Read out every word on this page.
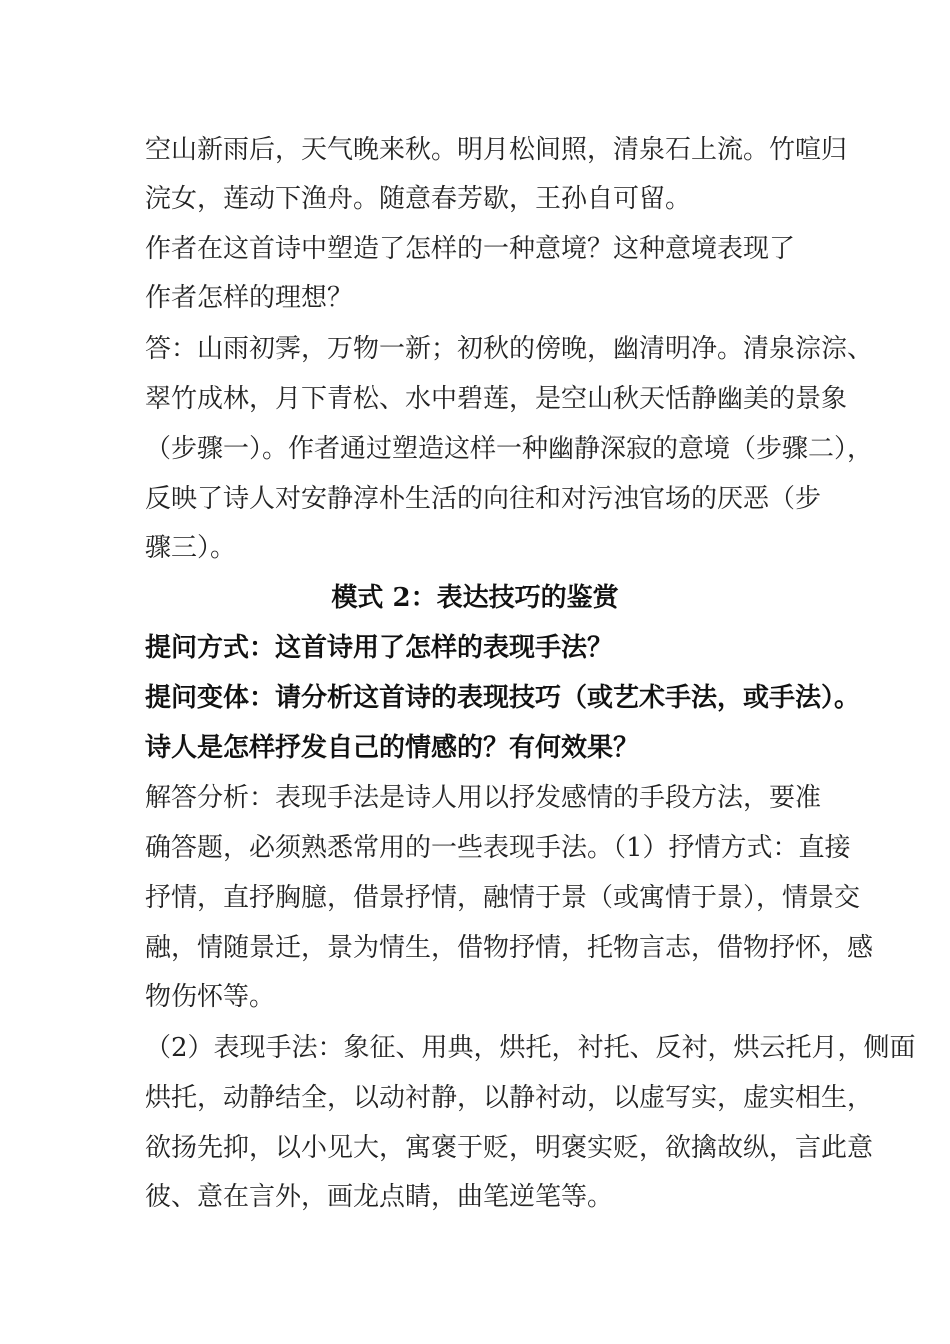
空山新雨后，天气晚来秋。明月松间照，清泉石上流。竹喧归
浣女，莲动下渔舟。随意春芳歇，王孙自可留。
作者在这首诗中塑造了怎样的一种意境？这种意境表现了
作者怎样的理想？
答：山雨初霁，万物一新；初秋的傍晚，幽清明净。清泉淙淙、
翠竹成林，月下青松、水中碧莲，是空山秋天恬静幽美的景象
（步骤一）。作者通过塑造这样一种幽静深寂的意境（步骤二），
反映了诗人对安静淳朴生活的向往和对污浊官场的厌恶（步
骤三）。
模式 2：表达技巧的鉴赏
提问方式：这首诗用了怎样的表现手法？
提问变体：请分析这首诗的表现技巧（或艺术手法，或手法）。
诗人是怎样抒发自己的情感的？有何效果？
解答分析：表现手法是诗人用以抒发感情的手段方法，要准
确答题，必须熟悉常用的一些表现手法。（1）抒情方式：直接
抒情，直抒胸臆，借景抒情，融情于景（或寓情于景），情景交
融，情随景迁，景为情生，借物抒情，托物言志，借物抒怀，感
物伤怀等。
（2）表现手法：象征、用典，烘托，衬托、反衬，烘云托月，侧面
烘托，动静结全，以动衬静，以静衬动，以虚写实，虚实相生，
欲扬先抑，以小见大，寓褒于贬，明褒实贬，欲擒故纵，言此意
彼、意在言外，画龙点睛，曲笔逆笔等。
